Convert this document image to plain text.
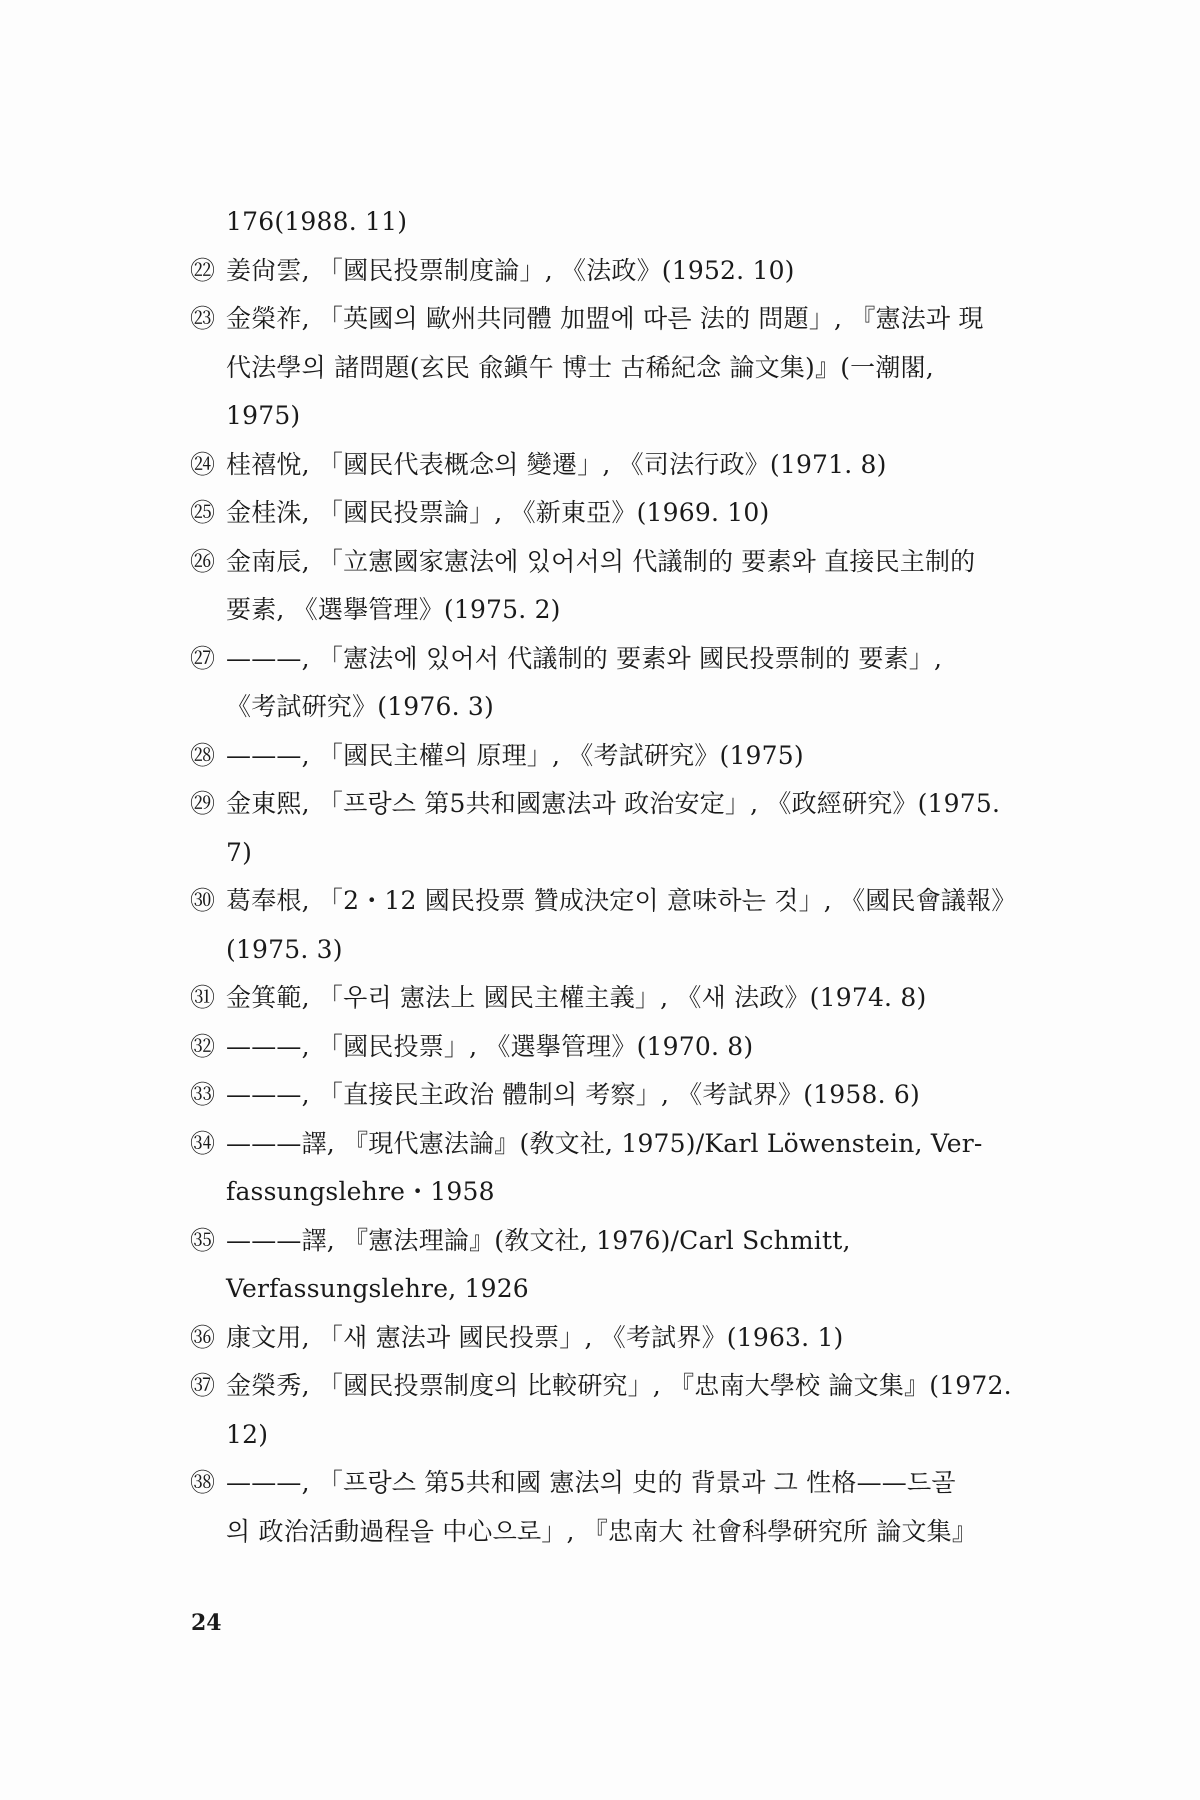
176(1988. 11)
㉒ 姜尙雲, 「國民投票制度論」, 《法政》(1952. 10)
㉓ 金榮祚, 「英國의 歐州共同體 加盟에 따른 法的 問題」, 『憲法과 現
代法學의 諸問題(玄民 兪鎭午 博士 古稀紀念 論文集)』(一潮閣,
1975)
㉔ 桂禧悅, 「國民代表概念의 變遷」, 《司法行政》(1971. 8)
㉕ 金桂洙, 「國民投票論」, 《新東亞》(1969. 10)
㉖ 金南辰, 「立憲國家憲法에 있어서의 代議制的 要素와 直接民主制的
要素, 《選擧管理》(1975. 2)
㉗ ———, 「憲法에 있어서 代議制的 要素와 國民投票制的 要素」,
《考試硏究》(1976. 3)
㉘ ———, 「國民主權의 原理」, 《考試硏究》(1975)
㉙ 金東熙, 「프랑스 第5共和國憲法과 政治安定」, 《政經硏究》(1975.
7)
㉚ 葛奉根, 「2・12 國民投票 贊成決定이 意味하는 것」, 《國民會議報》
(1975. 3)
㉛ 金箕範, 「우리 憲法上 國民主權主義」, 《새 法政》(1974. 8)
㉜ ———, 「國民投票」, 《選擧管理》(1970. 8)
㉝ ———, 「直接民主政治 體制의 考察」, 《考試界》(1958. 6)
㉞ ———譯, 『現代憲法論』(敎文社, 1975)/Karl Löwenstein, Ver-
fassungslehre・1958
㉟ ———譯, 『憲法理論』(敎文社, 1976)/Carl Schmitt,
Verfassungslehre, 1926
㊱ 康文用, 「새 憲法과 國民投票」, 《考試界》(1963. 1)
㊲ 金榮秀, 「國民投票制度의 比較硏究」, 『忠南大學校 論文集』(1972.
12)
㊳ ———, 「프랑스 第5共和國 憲法의 史的 背景과 그 性格——드골
의 政治活動過程을 中心으로」, 『忠南大 社會科學硏究所 論文集』
24
